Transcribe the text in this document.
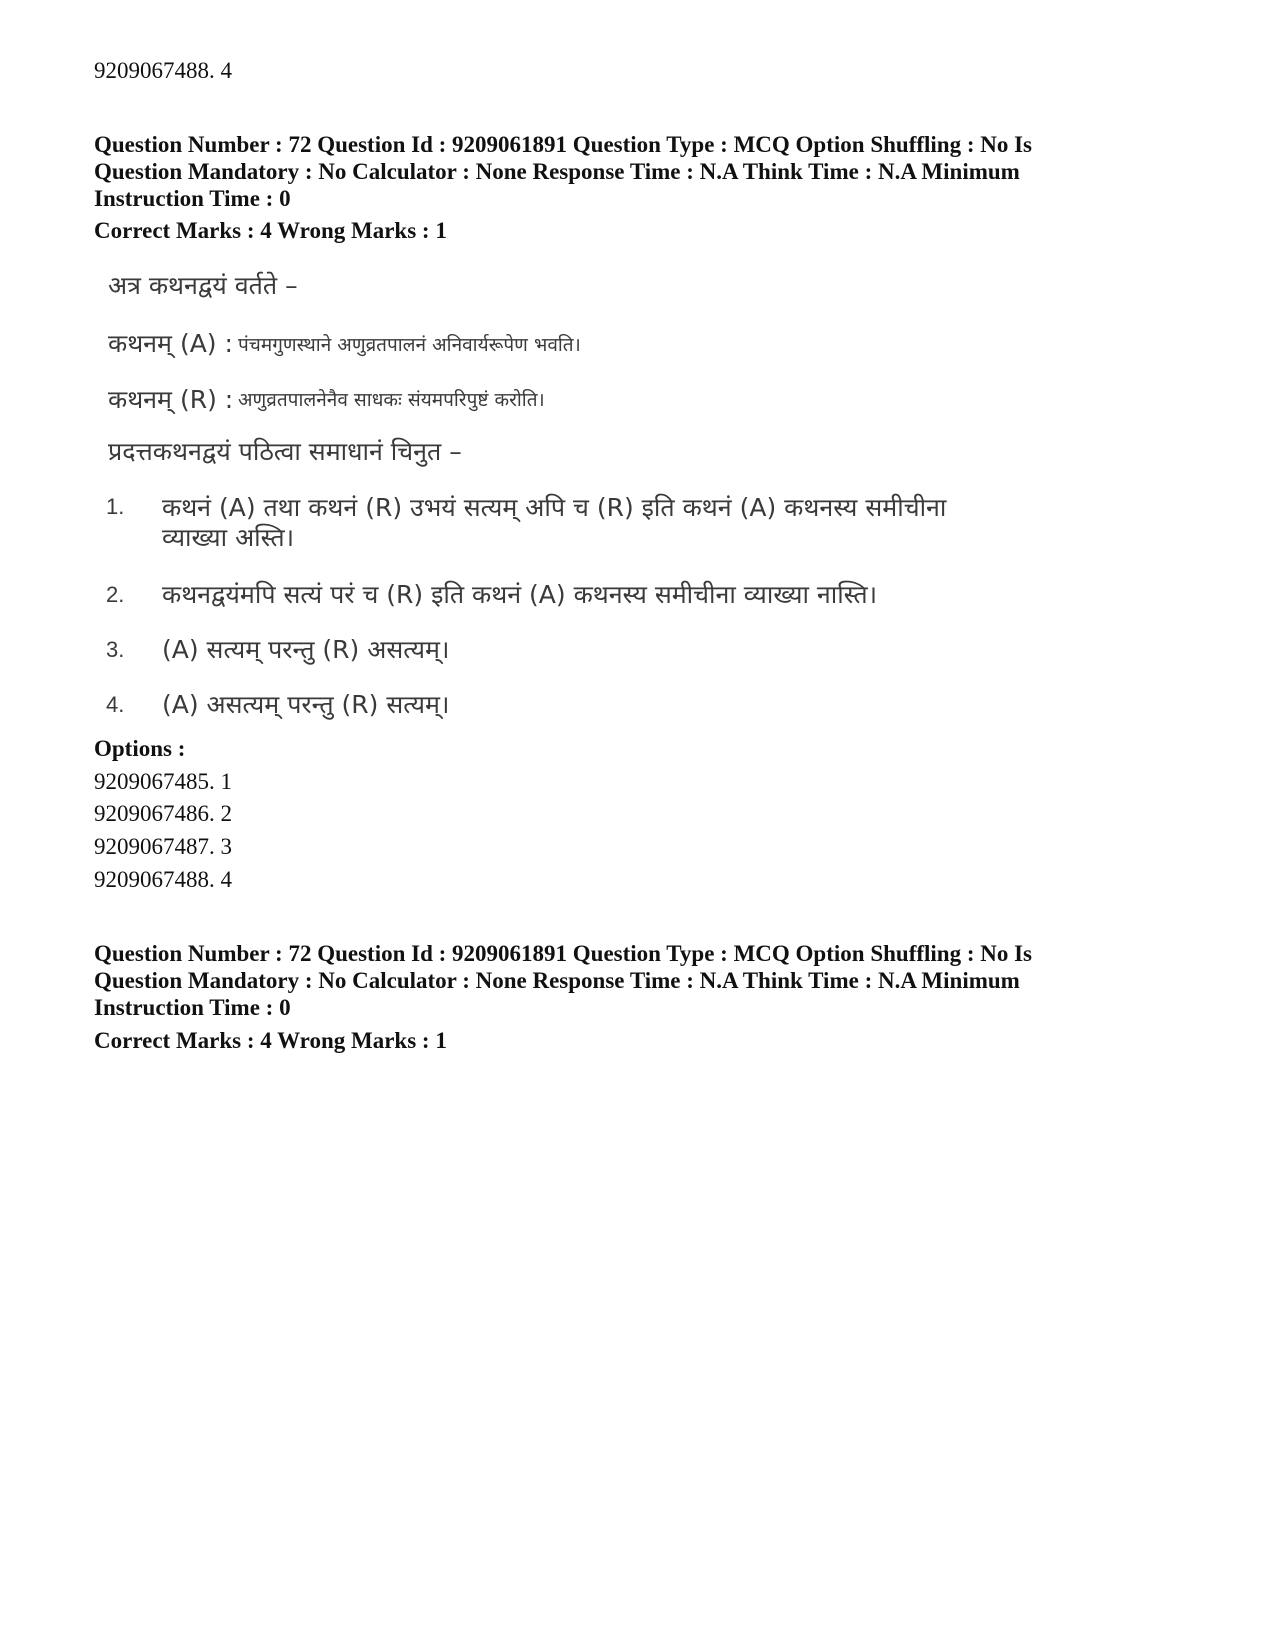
9209067488. 4
Question Number : 72 Question Id : 9209061891 Question Type : MCQ Option Shuffling : No Is
Question Mandatory : No Calculator : None Response Time : N.A Think Time : N.A Minimum
Instruction Time : 0
Correct Marks : 4 Wrong Marks : 1
अत्र कथनद्वयं वर्तते –
कथनम् (A) : पंचमगुणस्थाने अणुव्रतपालनं अनिवार्यरूपेण भवति।
कथनम् (R) : अणुव्रतपालनेनैव साधकः संयमपरिपुष्टं करोति।
प्रदत्तकथनद्वयं पठित्वा समाधानं चिनुत –
1. कथनं (A) तथा कथनं (R) उभयं सत्यम् अपि च (R) इति कथनं (A) कथनस्य समीचीना
व्याख्या अस्ति।
2. कथनद्वयंमपि सत्यं परं च (R) इति कथनं (A) कथनस्य समीचीना व्याख्या नास्ति।
3. (A) सत्यम् परन्तु (R) असत्यम्।
4. (A) असत्यम् परन्तु (R) सत्यम्।
Options :
9209067485. 1
9209067486. 2
9209067487. 3
9209067488. 4
Question Number : 72 Question Id : 9209061891 Question Type : MCQ Option Shuffling : No Is
Question Mandatory : No Calculator : None Response Time : N.A Think Time : N.A Minimum
Instruction Time : 0
Correct Marks : 4 Wrong Marks : 1
